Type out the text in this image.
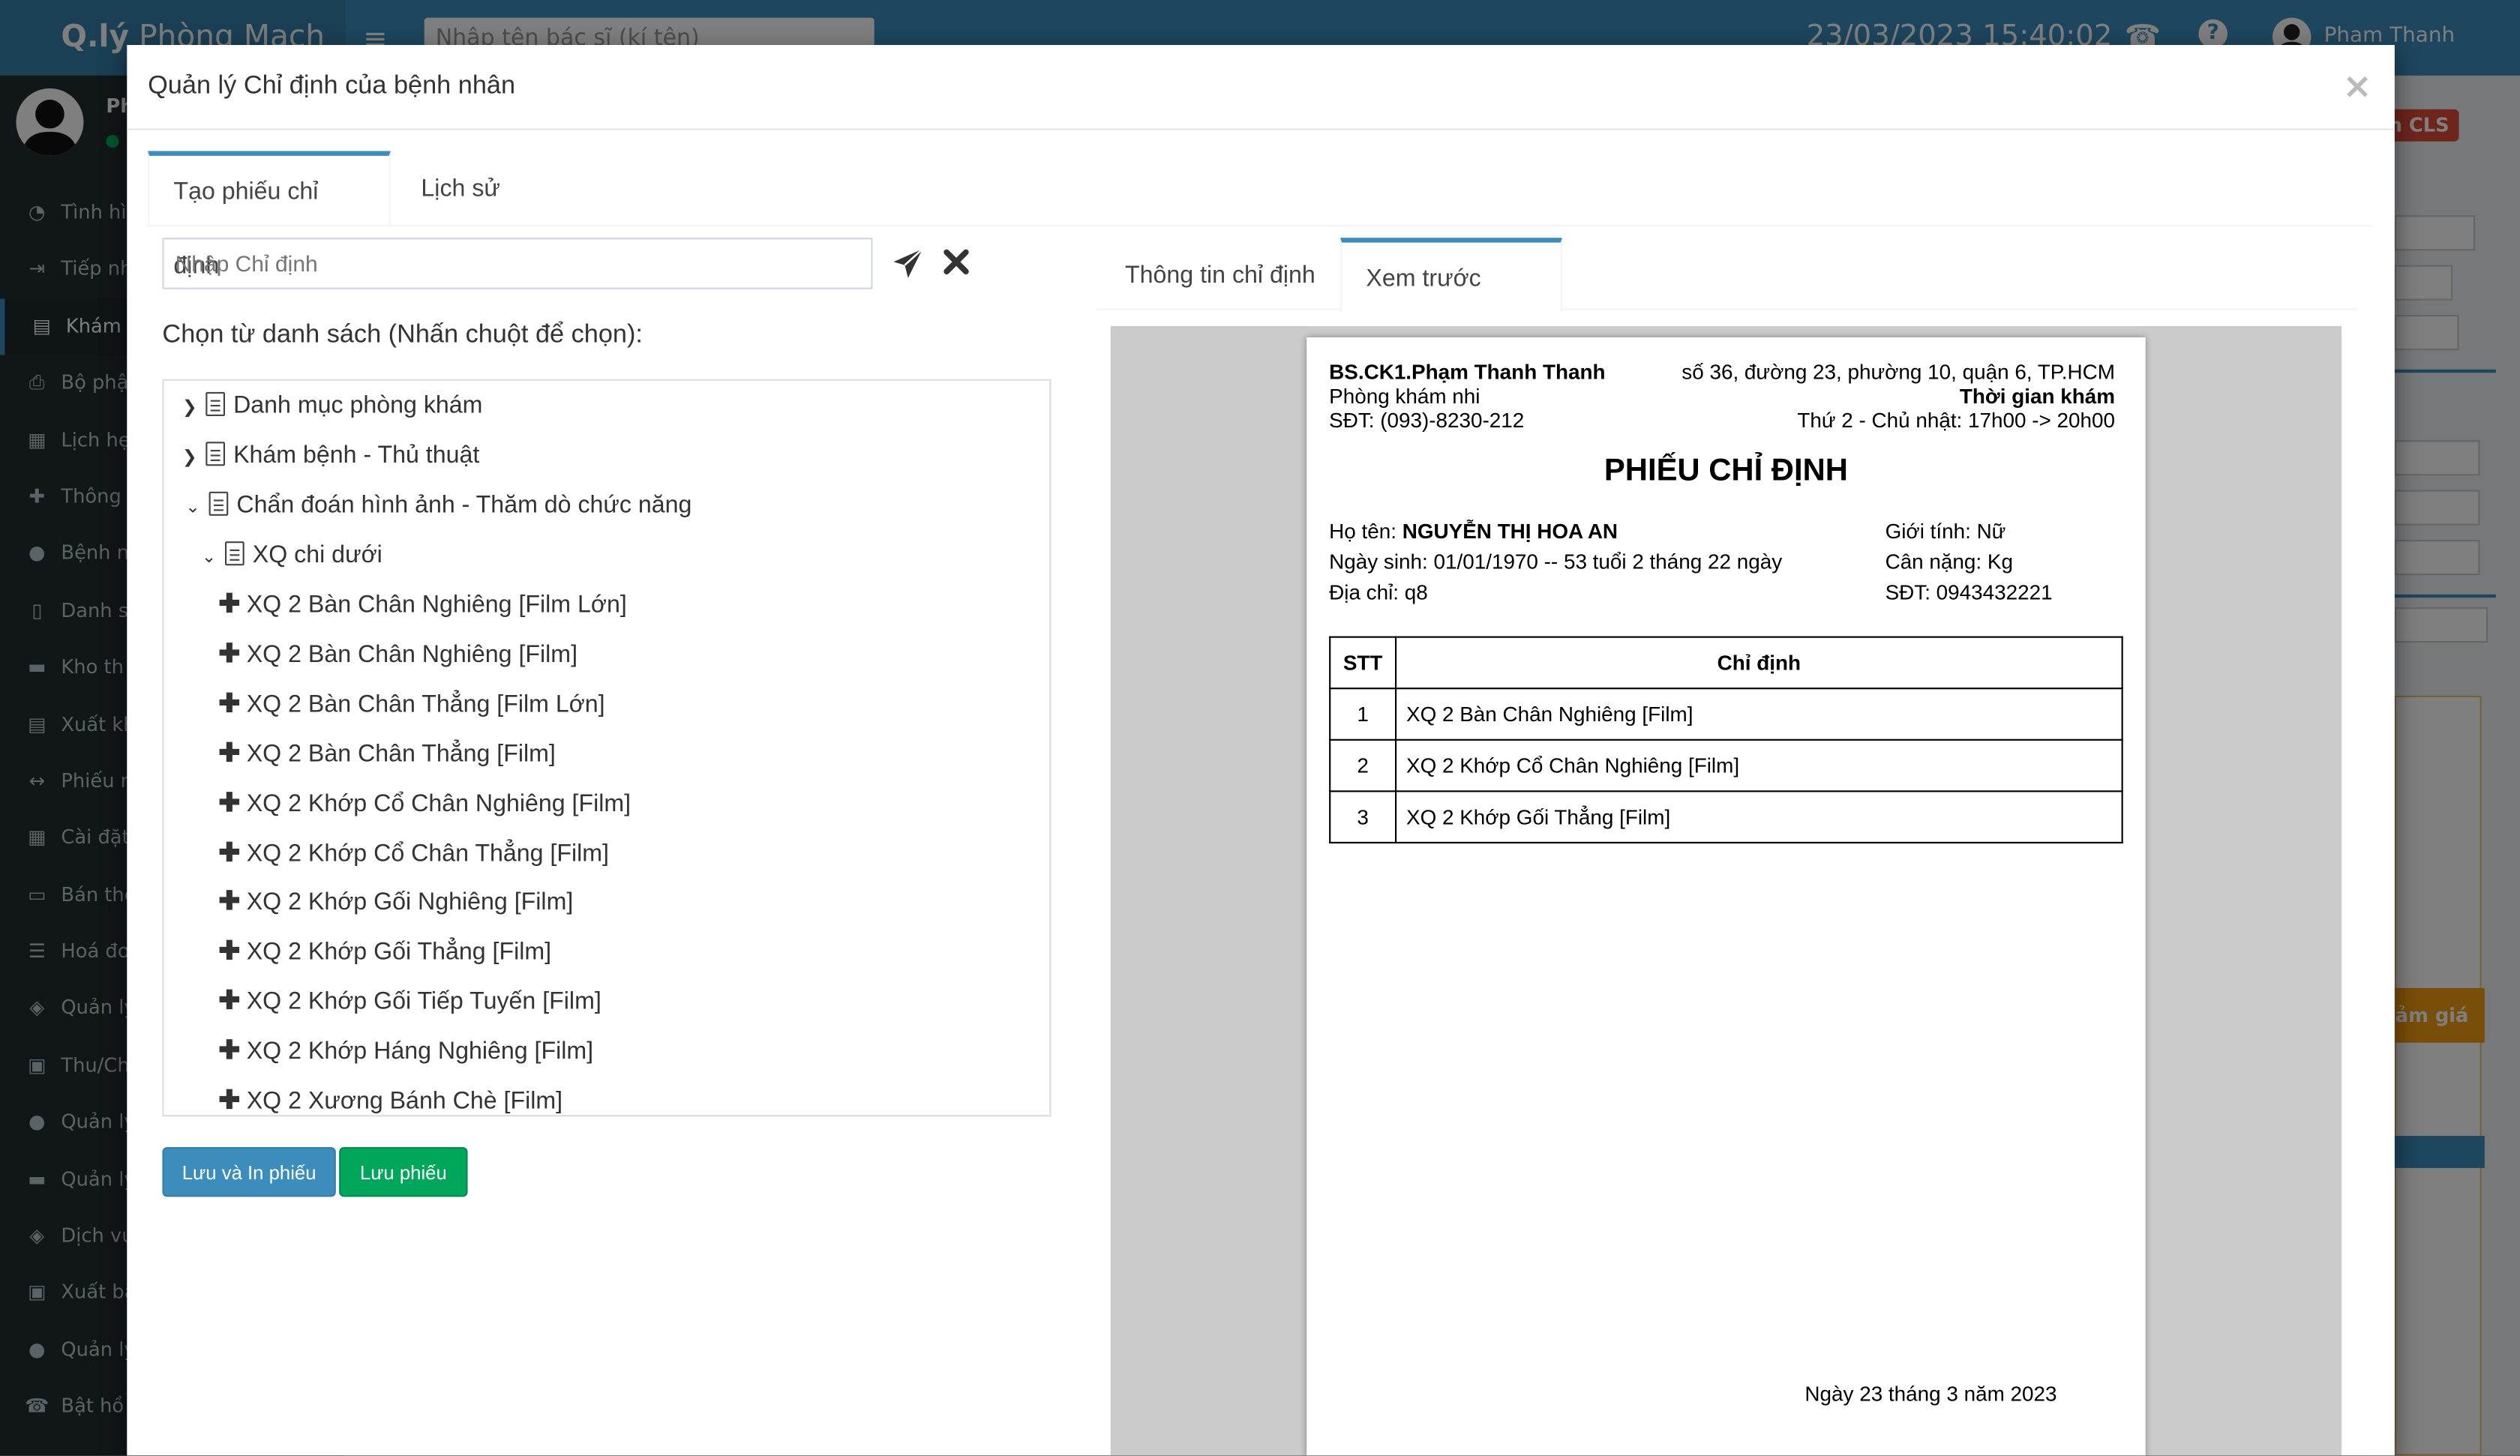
Quản lý Chỉ định của bệnh nhân	×
Tạo phiếu chỉ định
Lịch sử
Nhập Chỉ định
Chọn từ danh sách (Nhấn chuột để chọn):
❯	Danh mục phòng khám
❯	Khám bệnh - Thủ thuật
⌄	Chẩn đoán hình ảnh - Thăm dò chức năng
⌄	XQ chi dưới
✚ XQ 2 Bàn Chân Nghiêng [Film Lớn]
✚ XQ 2 Bàn Chân Nghiêng [Film]
✚ XQ 2 Bàn Chân Thẳng [Film Lớn]
✚ XQ 2 Bàn Chân Thẳng [Film]
✚ XQ 2 Khớp Cổ Chân Nghiêng [Film]
✚ XQ 2 Khớp Cổ Chân Thẳng [Film]
✚ XQ 2 Khớp Gối Nghiêng [Film]
✚ XQ 2 Khớp Gối Thẳng [Film]
✚ XQ 2 Khớp Gối Tiếp Tuyến [Film]
✚ XQ 2 Khớp Háng Nghiêng [Film]
✚ XQ 2 Xương Bánh Chè [Film]
Lưu và In phiếu	Lưu phiếu
Thông tin chỉ định	Xem trước
BS.CK1.Phạm Thanh Thanh
Phòng khám nhi
SĐT: (093)-8230-212
số 36, đường 23, phường 10, quận 6, TP.HCM
Thời gian khám
Thứ 2 - Chủ nhật: 17h00 -> 20h00
PHIẾU CHỈ ĐỊNH
Họ tên: NGUYỄN THỊ HOA AN
Ngày sinh: 01/01/1970 -- 53 tuổi 2 tháng 22 ngày
Địa chỉ: q8
Giới tính: Nữ
Cân nặng: Kg
SĐT: 0943432221
STT	Chỉ định
1	XQ 2 Bàn Chân Nghiêng [Film]
2	XQ 2 Khớp Cổ Chân Nghiêng [Film]
3	XQ 2 Khớp Gối Thẳng [Film]
Ngày 23 tháng 3 năm 2023
